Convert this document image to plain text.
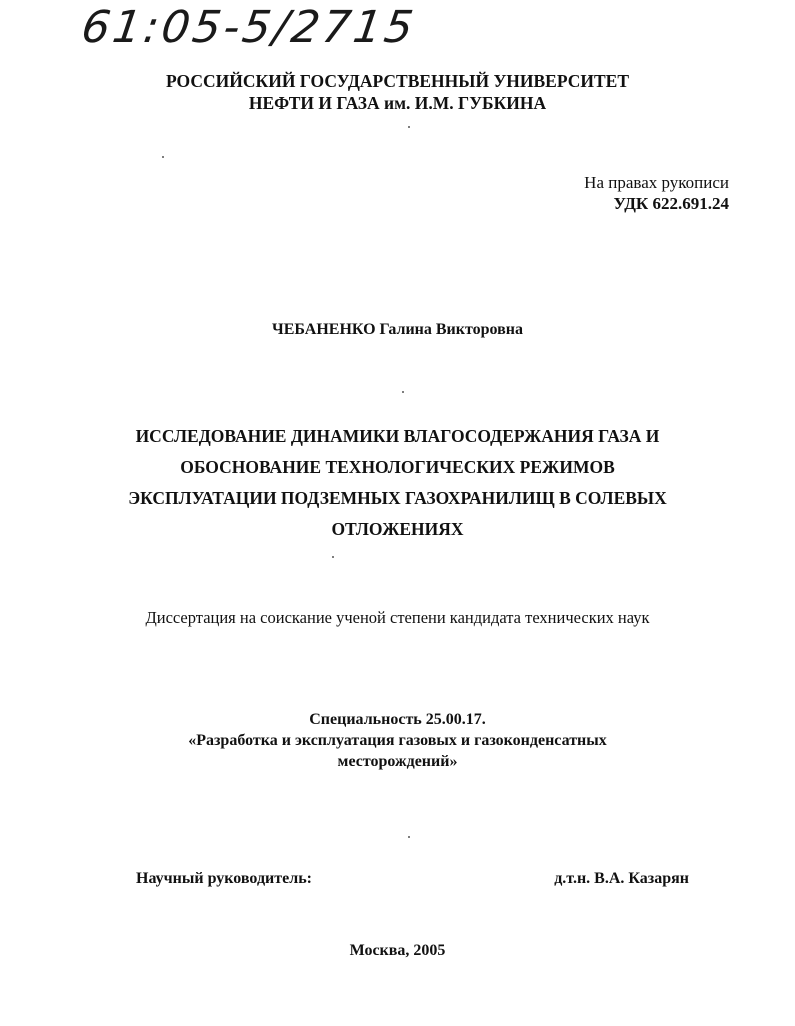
61:05-5/2715
РОССИЙСКИЙ ГОСУДАРСТВЕННЫЙ УНИВЕРСИТЕТ
НЕФТИ И ГАЗА им. И.М. ГУБКИНА
На правах рукописи
УДК 622.691.24
ЧЕБАНЕНКО Галина Викторовна
ИССЛЕДОВАНИЕ ДИНАМИКИ ВЛАГОСОДЕРЖАНИЯ ГАЗА И
ОБОСНОВАНИЕ ТЕХНОЛОГИЧЕСКИХ РЕЖИМОВ
ЭКСПЛУАТАЦИИ ПОДЗЕМНЫХ ГАЗОХРАНИЛИЩ В СОЛЕВЫХ
ОТЛОЖЕНИЯХ
Диссертация на соискание ученой степени кандидата технических наук
Специальность 25.00.17.
«Разработка и эксплуатация газовых и газоконденсатных
месторождений»
Научный руководитель:	д.т.н. В.А. Казарян
Москва, 2005
